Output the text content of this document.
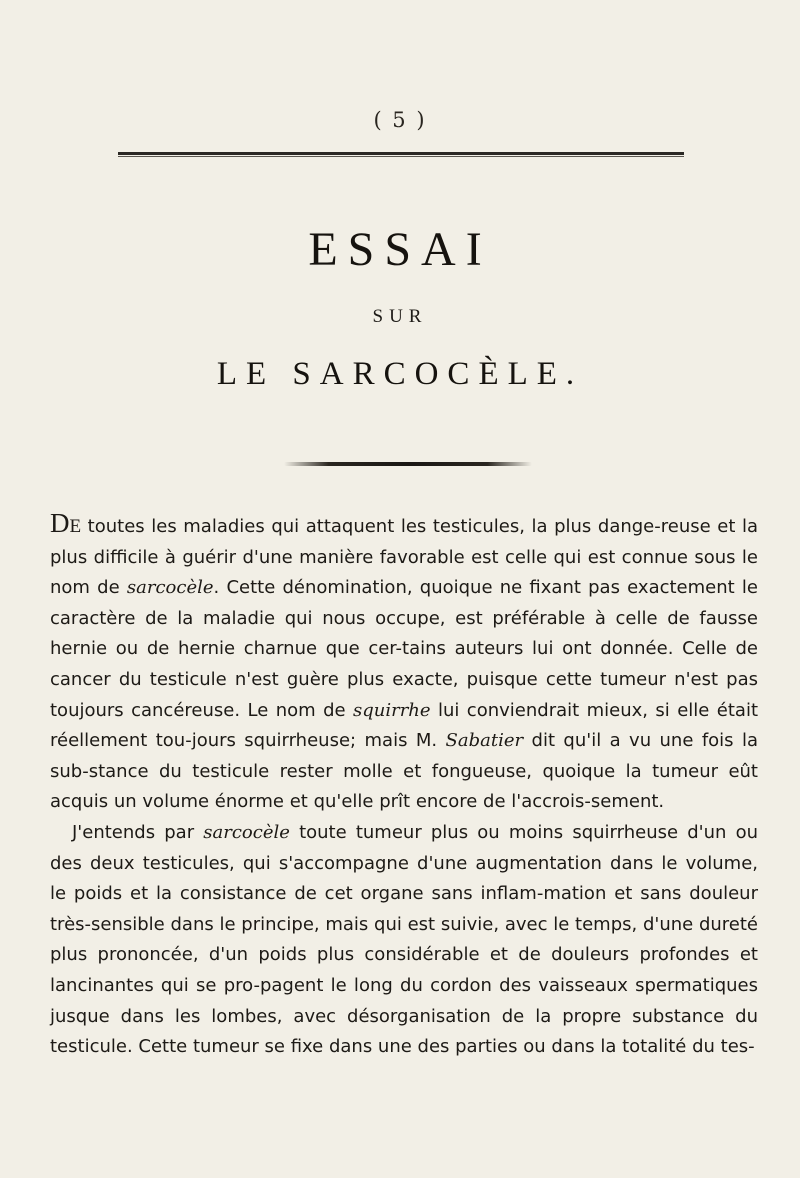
( 5 )
ESSAI
SUR
LE SARCOCÈLE.

DE toutes les maladies qui attaquent les testicules, la plus dange-reuse et la plus difficile à guérir d'une manière favorable est celle qui est connue sous le nom de sarcocèle. Cette dénomination, quoique ne fixant pas exactement le caractère de la maladie qui nous occupe, est préférable à celle de fausse hernie ou de hernie charnue que cer-tains auteurs lui ont donnée. Celle de cancer du testicule n'est guère plus exacte, puisque cette tumeur n'est pas toujours cancéreuse. Le nom de squirrhe lui conviendrait mieux, si elle était réellement tou-jours squirrheuse; mais M. Sabatier dit qu'il a vu une fois la sub-stance du testicule rester molle et fongueuse, quoique la tumeur eût acquis un volume énorme et qu'elle prît encore de l'accrois-sement.

J'entends par sarcocèle toute tumeur plus ou moins squirrheuse d'un ou des deux testicules, qui s'accompagne d'une augmentation dans le volume, le poids et la consistance de cet organe sans inflam-mation et sans douleur très-sensible dans le principe, mais qui est suivie, avec le temps, d'une dureté plus prononcée, d'un poids plus considérable et de douleurs profondes et lancinantes qui se pro-pagent le long du cordon des vaisseaux spermatiques jusque dans les lombes, avec désorganisation de la propre substance du testicule. Cette tumeur se fixe dans une des parties ou dans la totalité du tes-
